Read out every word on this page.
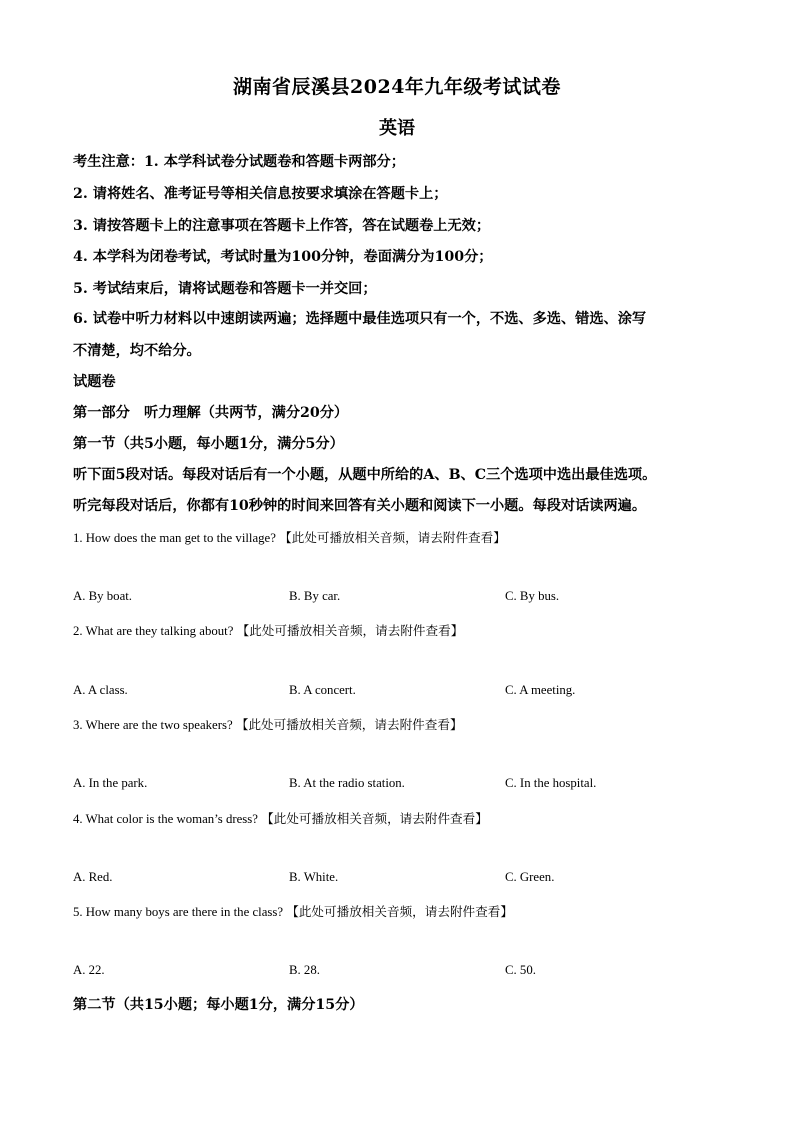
湖南省辰溪县2024年九年级考试试卷
英语
考生注意：1. 本学科试卷分试题卷和答题卡两部分；
2. 请将姓名、准考证号等相关信息按要求填涂在答题卡上；
3. 请按答题卡上的注意事项在答题卡上作答，答在试题卷上无效；
4. 本学科为闭卷考试，考试时量为100分钟，卷面满分为100分；
5. 考试结束后，请将试题卷和答题卡一并交回；
6. 试卷中听力材料以中速朗读两遍；选择题中最佳选项只有一个，不选、多选、错选、涂写
不清楚，均不给分。
试题卷
第一部分　听力理解（共两节，满分20分）
第一节（共5小题，每小题1分，满分5分）
听下面5段对话。每段对话后有一个小题，从题中所给的A、B、C三个选项中选出最佳选项。
听完每段对话后，你都有10秒钟的时间来回答有关小题和阅读下一小题。每段对话读两遍。
1. How does the man get to the village? 【此处可播放相关音频，请去附件查看】
A. By boat.	B. By car.	C. By bus.
2. What are they talking about? 【此处可播放相关音频，请去附件查看】
A. A class.	B. A concert.	C. A meeting.
3. Where are the two speakers? 【此处可播放相关音频，请去附件查看】
A. In the park.	B. At the radio station.	C. In the hospital.
4. What color is the woman’s dress? 【此处可播放相关音频，请去附件查看】
A. Red.	B. White.	C. Green.
5. How many boys are there in the class? 【此处可播放相关音频，请去附件查看】
A. 22.	B. 28.	C. 50.
第二节（共15小题；每小题1分，满分15分）
